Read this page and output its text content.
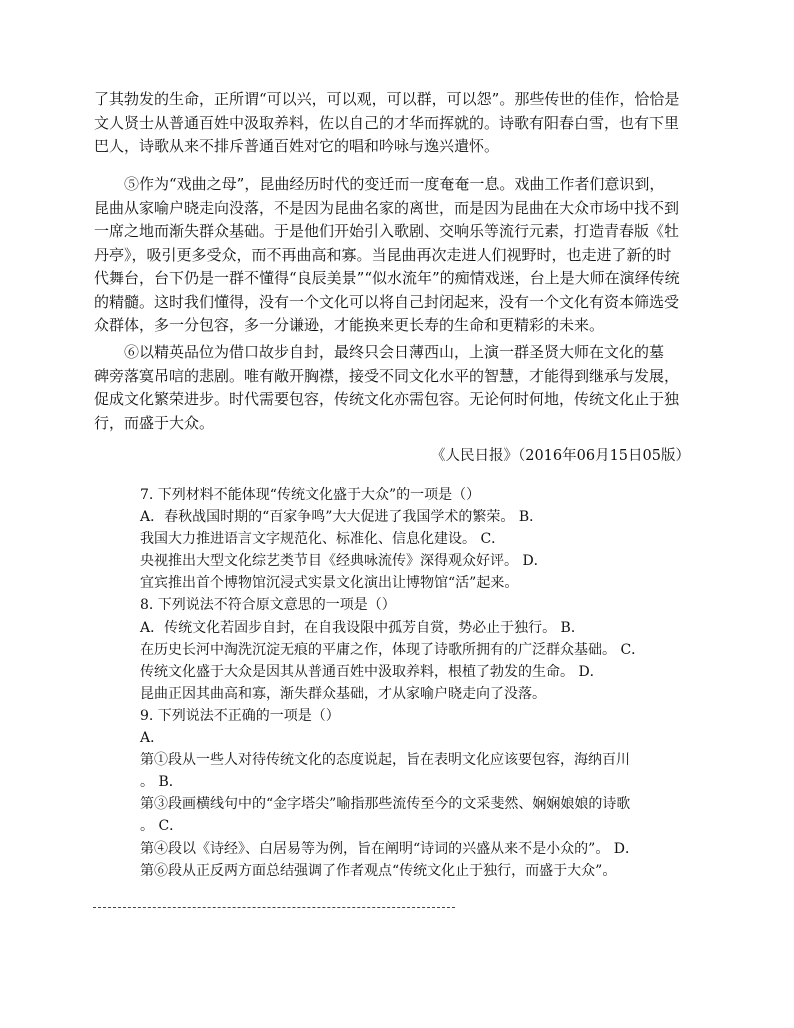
了其勃发的生命，正所谓“可以兴，可以观，可以群，可以怨”。那些传世的佳作，恰恰是

文人贤士从普通百姓中汲取养料，佐以自己的才华而挥就的。诗歌有阳春白雪，也有下里

巴人，诗歌从来不排斥普通百姓对它的唱和吟咏与逸兴遣怀。

⑤作为“戏曲之母”，昆曲经历时代的变迁而一度奄奄一息。戏曲工作者们意识到，

昆曲从家喻户晓走向没落，不是因为昆曲名家的离世，而是因为昆曲在大众市场中找不到

一席之地而渐失群众基础。于是他们开始引入歌剧、交响乐等流行元素，打造青春版《牡

丹亭》，吸引更多受众，而不再曲高和寡。当昆曲再次走进人们视野时，也走进了新的时

代舞台，台下仍是一群不懂得“良辰美景”“似水流年”的痴情戏迷，台上是大师在演绎传统

的精髓。这时我们懂得，没有一个文化可以将自己封闭起来，没有一个文化有资本筛选受

众群体，多一分包容，多一分谦逊，才能换来更长寿的生命和更精彩的未来。

⑥以精英品位为借口故步自封，最终只会日薄西山，上演一群圣贤大师在文化的墓

碑旁落寞吊唁的悲剧。唯有敞开胸襟，接受不同文化水平的智慧，才能得到继承与发展，

促成文化繁荣进步。时代需要包容，传统文化亦需包容。无论何时何地，传统文化止于独

行，而盛于大众。

《人民日报》（2016年06月15日05版）

7. 下列材料不能体现“传统文化盛于大众”的一项是（）

A．春秋战国时期的“百家争鸣”大大促进了我国学术的繁荣。 B．

我国大力推进语言文字规范化、标准化、信息化建设。 C．

央视推出大型文化综艺类节目《经典咏流传》深得观众好评。 D．

宜宾推出首个博物馆沉浸式实景文化演出让博物馆“活”起来。

8. 下列说法不符合原文意思的一项是（）

A．传统文化若固步自封，在自我设限中孤芳自赏，势必止于独行。 B．

在历史长河中淘洗沉淀无痕的平庸之作，体现了诗歌所拥有的广泛群众基础。 C．

传统文化盛于大众是因其从普通百姓中汲取养料，根植了勃发的生命。 D．

昆曲正因其曲高和寡，渐失群众基础，才从家喻户晓走向了没落。

9. 下列说法不正确的一项是（）

A．

第①段从一些人对待传统文化的态度说起，旨在表明文化应该要包容，海纳百川

。 B．

第③段画横线句中的“金字塔尖”喻指那些流传至今的文采斐然、娴娴娘娘的诗歌

。 C．

第④段以《诗经》、白居易等为例，旨在阐明“诗词的兴盛从来不是小众的”。 D．

第⑥段从正反两方面总结强调了作者观点“传统文化止于独行，而盛于大众”。
